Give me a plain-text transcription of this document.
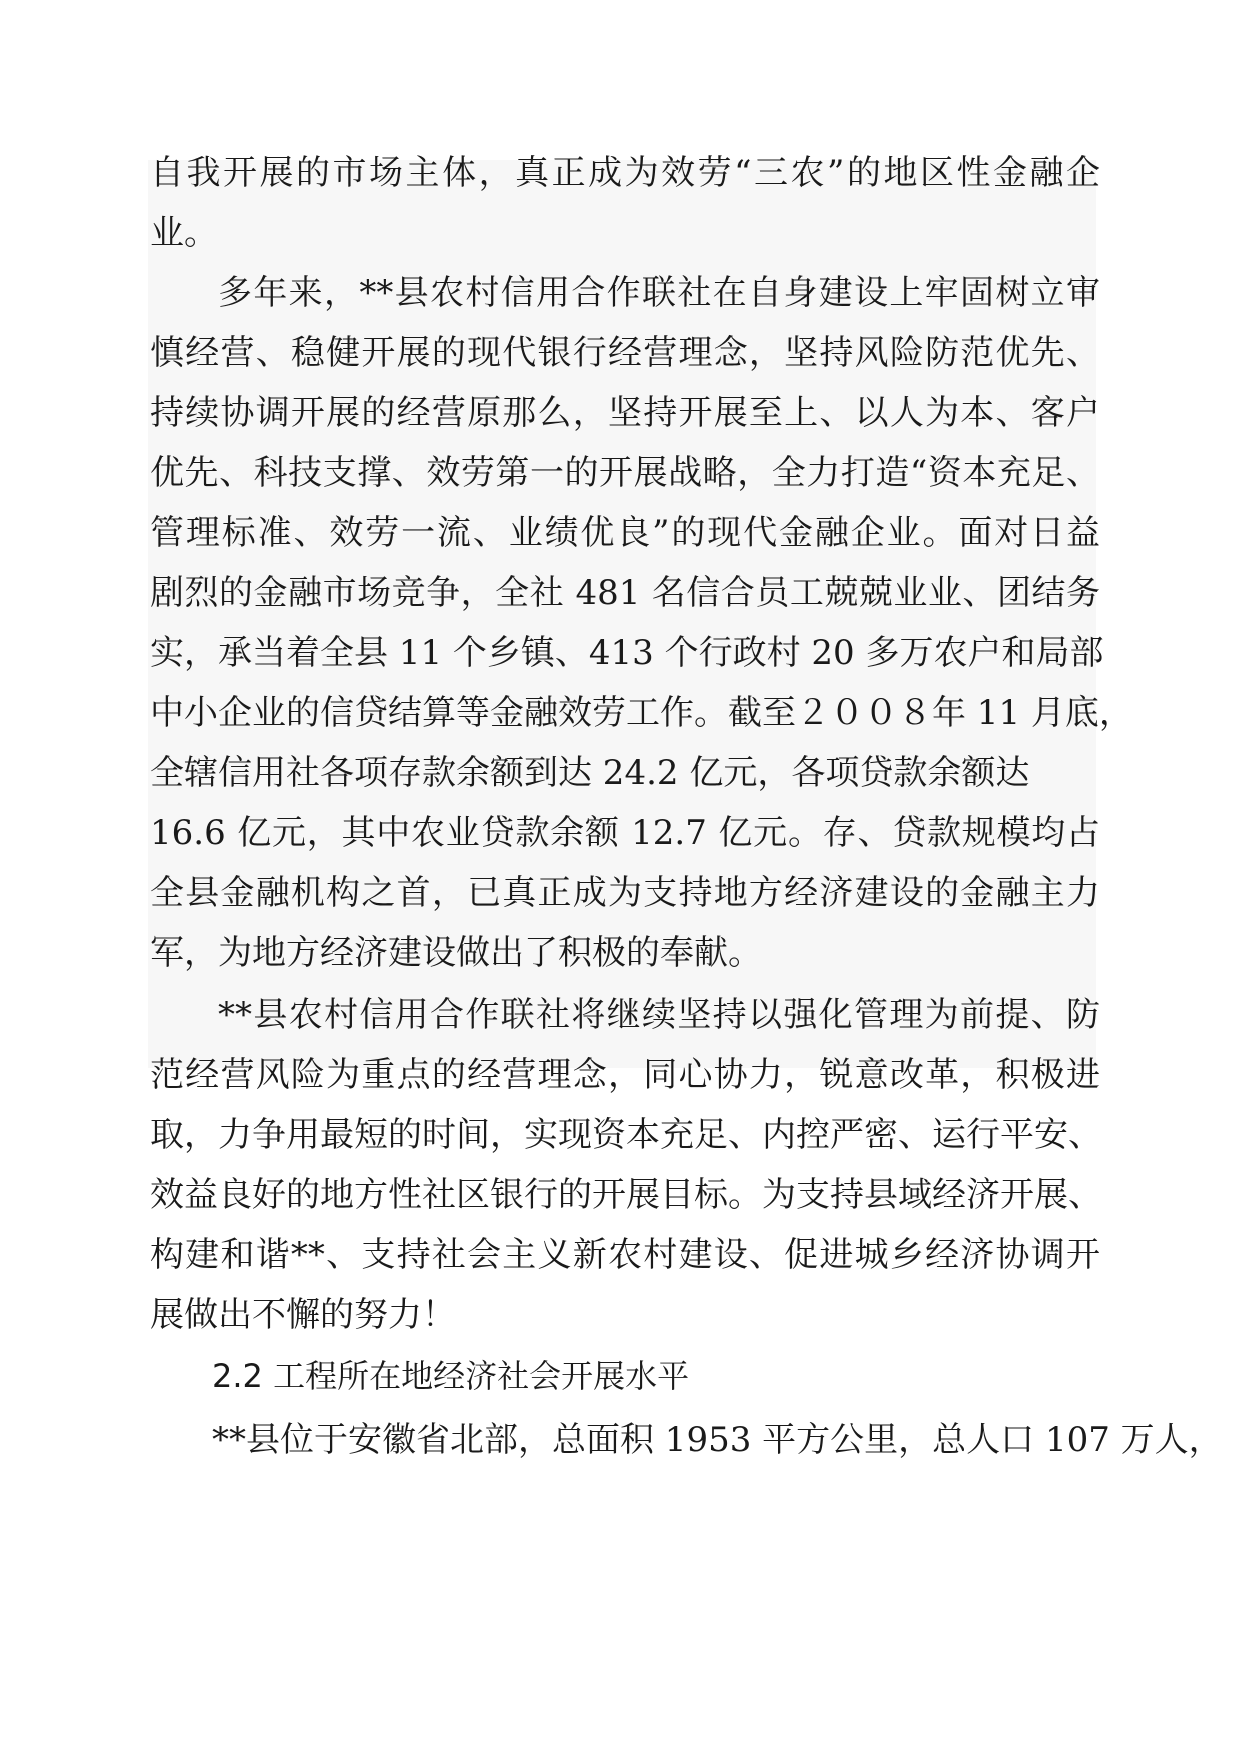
自我开展的市场主体，真正成为效劳“三农”的地区性金融企
业。
多年来，**县农村信用合作联社在自身建设上牢固树立审
慎经营、稳健开展的现代银行经营理念，坚持风险防范优先、
持续协调开展的经营原那么，坚持开展至上、以人为本、客户
优先、科技支撑、效劳第一的开展战略，全力打造“资本充足、
管理标准、效劳一流、业绩优良”的现代金融企业。面对日益
剧烈的金融市场竞争，全社 481 名信合员工兢兢业业、团结务
实，承当着全县 11 个乡镇、413 个行政村 20 多万农户和局部
中小企业的信贷结算等金融效劳工作。截至２００８年 11 月底，
全辖信用社各项存款余额到达 24.2 亿元，各项贷款余额达
16.6 亿元，其中农业贷款余额 12.7 亿元。存、贷款规模均占
全县金融机构之首，已真正成为支持地方经济建设的金融主力
军，为地方经济建设做出了积极的奉献。
**县农村信用合作联社将继续坚持以强化管理为前提、防
范经营风险为重点的经营理念，同心协力，锐意改革，积极进
取，力争用最短的时间，实现资本充足、内控严密、运行平安、
效益良好的地方性社区银行的开展目标。为支持县域经济开展、
构建和谐**、支持社会主义新农村建设、促进城乡经济协调开
展做出不懈的努力！
2.2 工程所在地经济社会开展水平
**县位于安徽省北部，总面积 1953 平方公里，总人口 107 万人，
